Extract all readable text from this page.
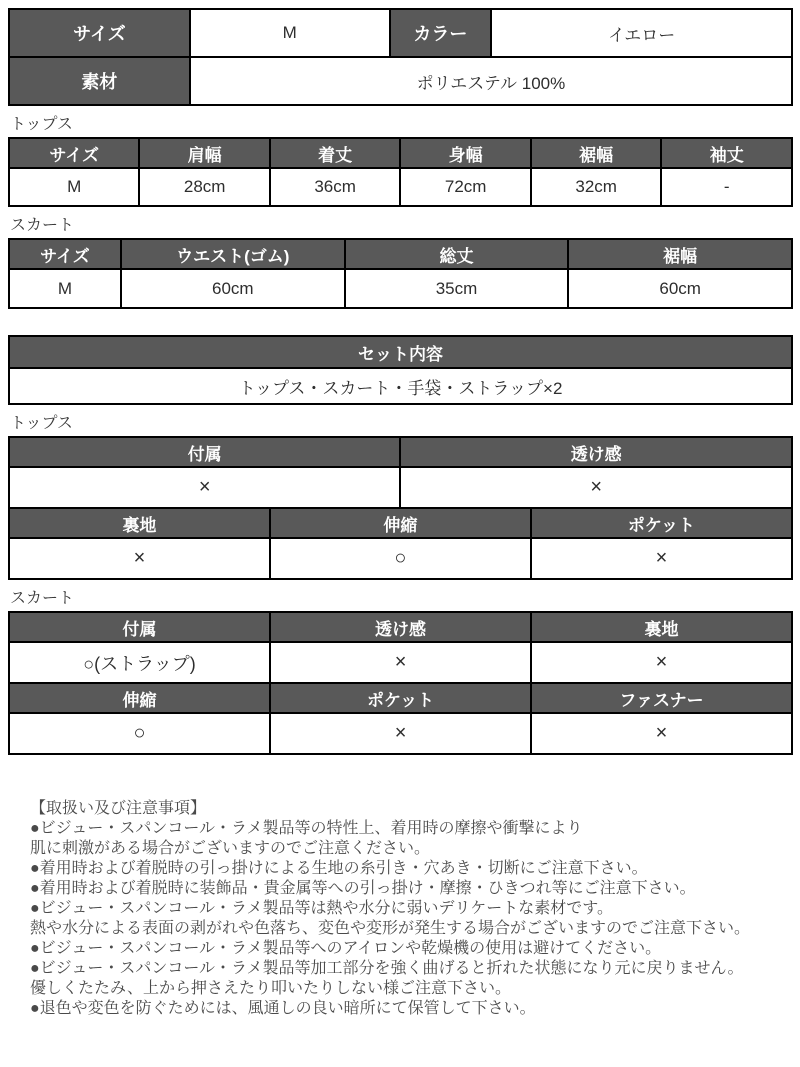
サイズ	M	カラー	イエロー
素材	ポリエステル 100%		
トップス
サイズ	肩幅	着丈	身幅	裾幅	袖丈
M	28cm	36cm	72cm	32cm	-
スカート
サイズ	ウエスト(ゴム)	総丈	裾幅
M	60cm	35cm	60cm
セット内容
トップス・スカート・手袋・ストラップ×2
トップス
付属		透け感	
×		×	
裏地	伸縮		ポケット
×	○		×
スカート
付属	透け感	裏地
○(ストラップ)	×	×
伸縮	ポケット	ファスナー
○	×	×
【取扱い及び注意事項】
●ビジュー・スパンコール・ラメ製品等の特性上、着用時の摩擦や衝撃により
肌に刺激がある場合がございますのでご注意ください。
●着用時および着脱時の引っ掛けによる生地の糸引き・穴あき・切断にご注意下さい。
●着用時および着脱時に装飾品・貴金属等への引っ掛け・摩擦・ひきつれ等にご注意下さい。
●ビジュー・スパンコール・ラメ製品等は熱や水分に弱いデリケートな素材です。
熱や水分による表面の剥がれや色落ち、変色や変形が発生する場合がございますのでご注意下さい。
●ビジュー・スパンコール・ラメ製品等へのアイロンや乾燥機の使用は避けてください。
●ビジュー・スパンコール・ラメ製品等加工部分を強く曲げると折れた状態になり元に戻りません。
優しくたたみ、上から押さえたり叩いたりしない様ご注意下さい。
●退色や変色を防ぐためには、風通しの良い暗所にて保管して下さい。
